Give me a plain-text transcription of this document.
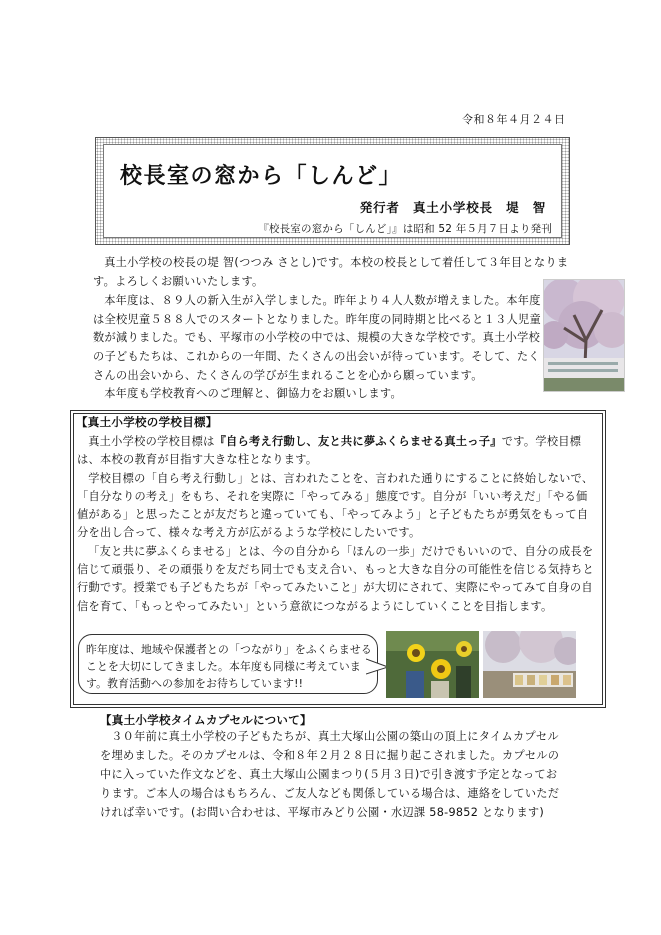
令和８年４月２４日
校長室の窓から「しんど」
発行者　真土小学校長　堤　智
『校長室の窓から「しんど」』は昭和 52 年５月７日より発刊

真土小学校の校長の堤 智(つつみ さとし)です。本校の校長として着任して３年目となります。よろしくお願いいたします。

本年度は、８９人の新入生が入学しました。昨年より４人人数が増えました。本年度は全校児童５８８人でのスタートとなりました。昨年度の同時期と比べると１３人児童数が減りました。でも、平塚市の小学校の中では、規模の大きな学校です。真土小学校の子どもたちは、これからの一年間、たくさんの出会いが待っています。そして、たくさんの出会いから、たくさんの学びが生まれることを心から願っています。

本年度も学校教育へのご理解と、御協力をお願いします。

【真土小学校の学校目標】

真土小学校の学校目標は『自ら考え行動し、友と共に夢ふくらませる真土っ子』です。学校目標は、本校の教育が目指す大きな柱となります。

学校目標の「自ら考え行動し」とは、言われたことを、言われた通りにすることに終始しないで、「自分なりの考え」をもち、それを実際に「やってみる」態度です。自分が「いい考えだ」「やる価値がある」と思ったことが友だちと違っていても、「やってみよう」と子どもたちが勇気をもって自分を出し合って、様々な考え方が広がるような学校にしたいです。

「友と共に夢ふくらませる」とは、今の自分から「ほんの一歩」だけでもいいので、自分の成長を信じて頑張り、その頑張りを友だち同士でも支え合い、もっと大きな自分の可能性を信じる気持ちと行動です。授業でも子どもたちが「やってみたいこと」が大切にされて、実際にやってみて自身の自信を育て、「もっとやってみたい」という意欲につながるようにしていくことを目指します。

昨年度は、地域や保護者との「つながり」をふくらませる
ことを大切にしてきました。本年度も同様に考えていま
す。教育活動への参加をお待ちしています!!
【真土小学校タイムカプセルについて】

３０年前に真土小学校の子どもたちが、真土大塚山公園の築山の頂上にタイムカプセルを埋めました。そのカプセルは、令和８年２月２８日に掘り起こされました。カプセルの中に入っていた作文などを、真土大塚山公園まつり(５月３日)で引き渡す予定となっております。ご本人の場合はもちろん、ご友人なども関係している場合は、連絡をしていただければ幸いです。(お問い合わせは、平塚市みどり公園・水辺課 58-9852 となります)
